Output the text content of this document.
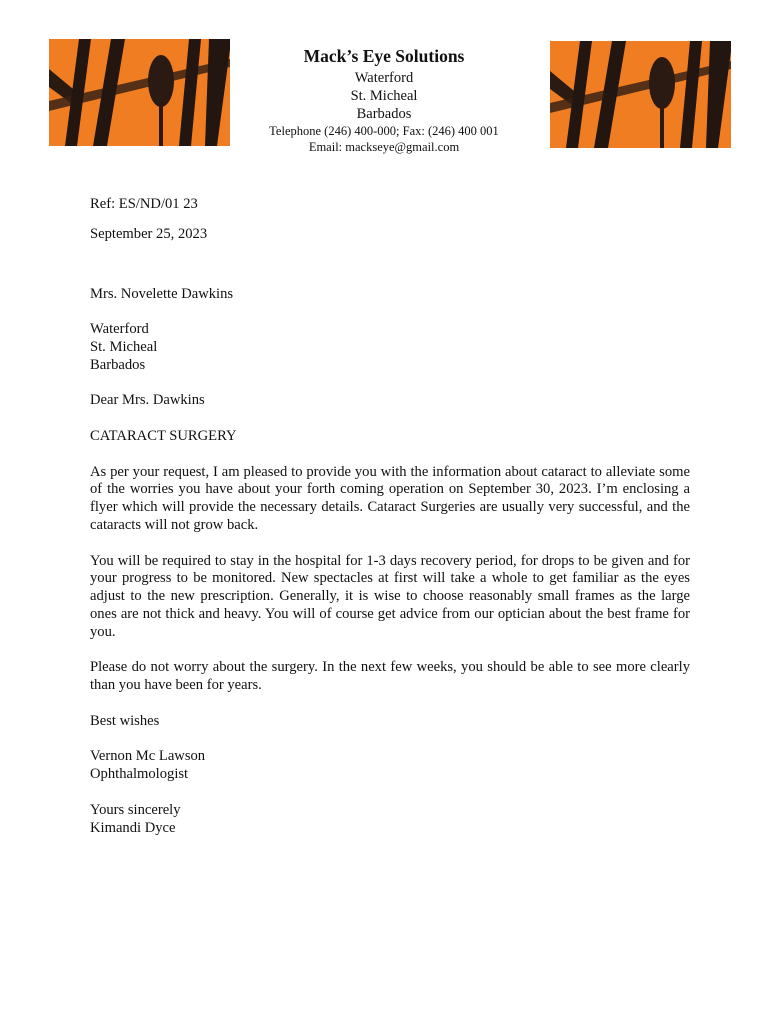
Mack’s Eye Solutions

Waterford

St. Micheal

Barbados

Telephone (246) 400-000; Fax: (246) 400 001

Email: mackseye@gmail.com

Ref: ES/ND/01 23

September 25, 2023

Mrs. Novelette Dawkins

Waterford

St. Micheal

Barbados

Dear Mrs. Dawkins

CATARACT SURGERY

As per your request, I am pleased to provide you with the information about cataract to alleviate some of the worries you have about your forth coming operation on September 30, 2023. I’m enclosing a flyer which will provide the necessary details. Cataract Surgeries are usually very successful, and the cataracts will not grow back.

You will be required to stay in the hospital for 1-3 days recovery period, for drops to be given and for your progress to be monitored. New spectacles at first will take a whole to get familiar as the eyes adjust to the new prescription. Generally, it is wise to choose reasonably small frames as the large ones are not thick and heavy. You will of course get advice from our optician about the best frame for you.

Please do not worry about the surgery. In the next few weeks, you should be able to see more clearly than you have been for years.

Best wishes

Vernon Mc Lawson

Ophthalmologist

Yours sincerely

Kimandi Dyce
